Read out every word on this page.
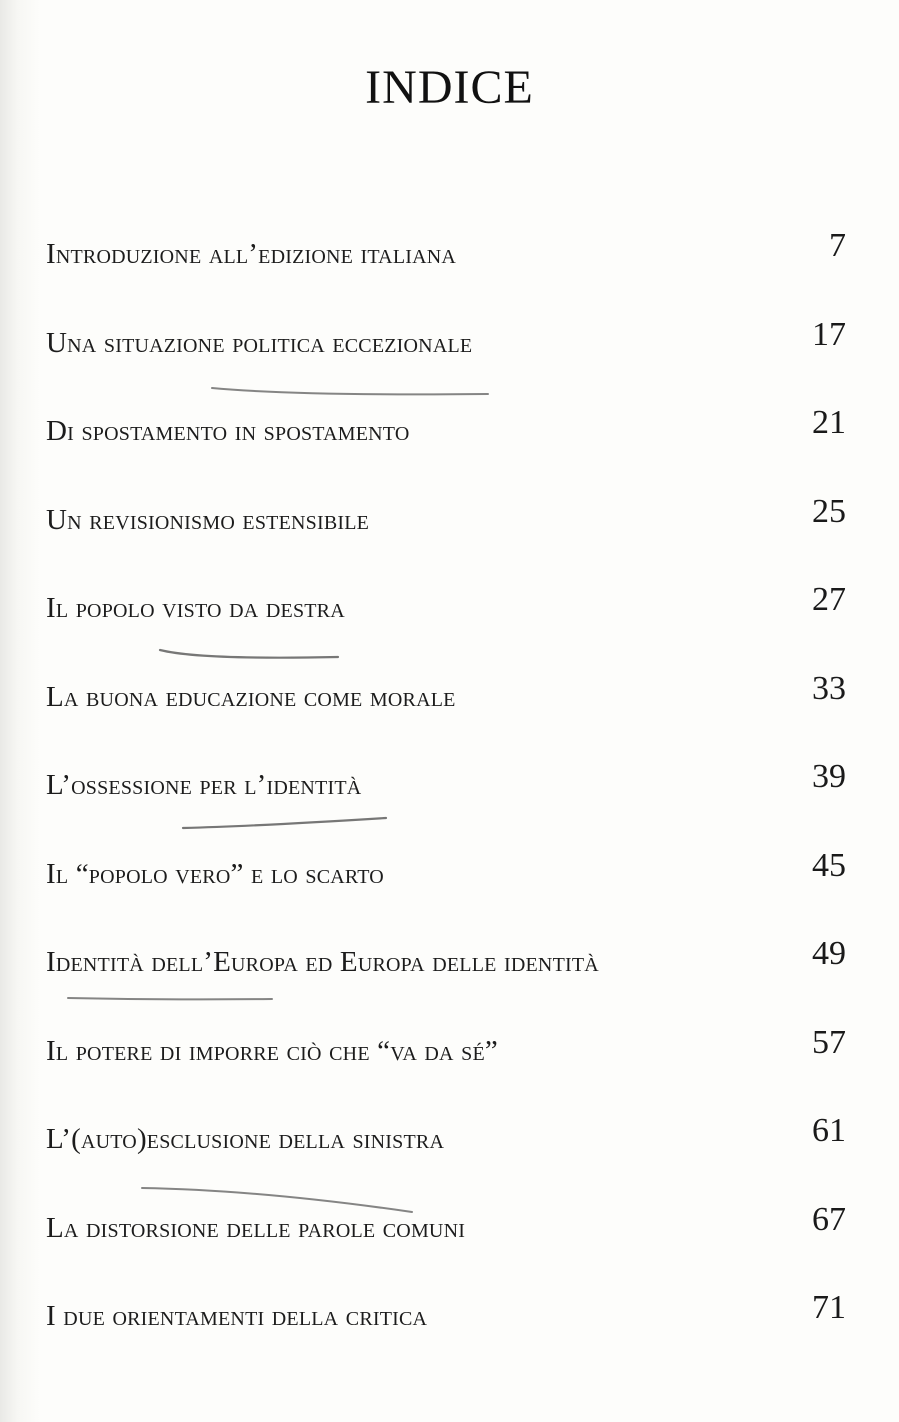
INDICE
Introduzione all’edizione italiana	7
Una situazione politica eccezionale	17
Di spostamento in spostamento	21
Un revisionismo estensibile	25
Il popolo visto da destra	27
La buona educazione come morale	33
L’ossessione per l’identità	39
Il “popolo vero” e lo scarto	45
Identità dell’Europa ed Europa delle identità	49
Il potere di imporre ciò che “va da sé”	57
L’(auto)esclusione della sinistra	61
La distorsione delle parole comuni	67
I due orientamenti della critica	71
